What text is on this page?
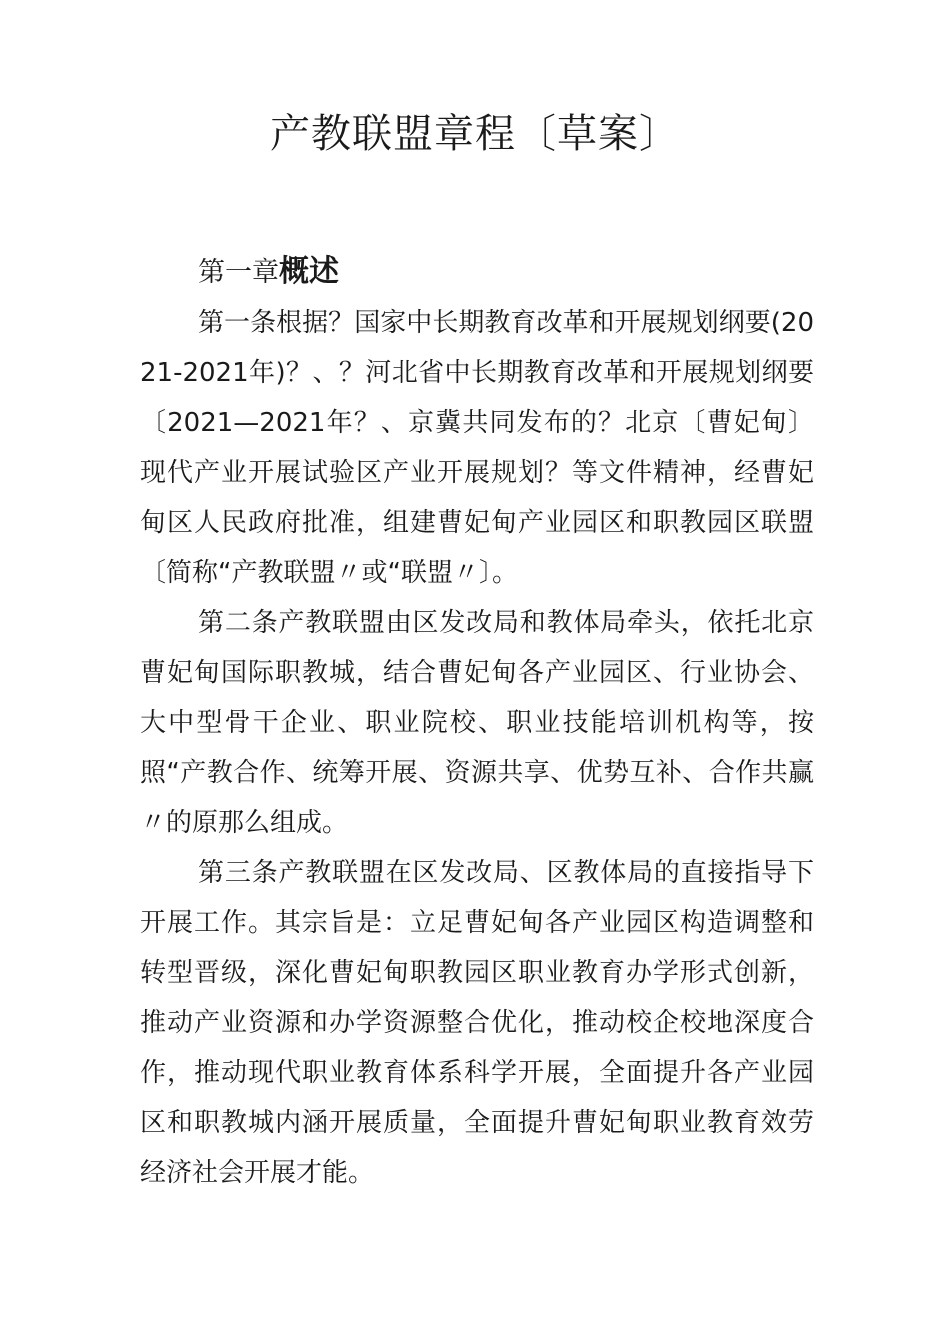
产教联盟章程〔草案〕
第一章概述

第一条根据？国家中长期教育改革和开展规划纲要(2021-2021年)？、？河北省中长期教育改革和开展规划纲要〔2021—2021年？、京冀共同发布的？北京〔曹妃甸〕现代产业开展试验区产业开展规划？等文件精神，经曹妃甸区人民政府批准，组建曹妃甸产业园区和职教园区联盟〔简称“产教联盟〃或“联盟〃〕。

第二条产教联盟由区发改局和教体局牵头，依托北京曹妃甸国际职教城，结合曹妃甸各产业园区、行业协会、大中型骨干企业、职业院校、职业技能培训机构等，按照“产教合作、统筹开展、资源共享、优势互补、合作共赢〃的原那么组成。

第三条产教联盟在区发改局、区教体局的直接指导下开展工作。其宗旨是：立足曹妃甸各产业园区构造调整和转型晋级，深化曹妃甸职教园区职业教育办学形式创新，推动产业资源和办学资源整合优化，推动校企校地深度合作，推动现代职业教育体系科学开展，全面提升各产业园区和职教城内涵开展质量，全面提升曹妃甸职业教育效劳经济社会开展才能。
